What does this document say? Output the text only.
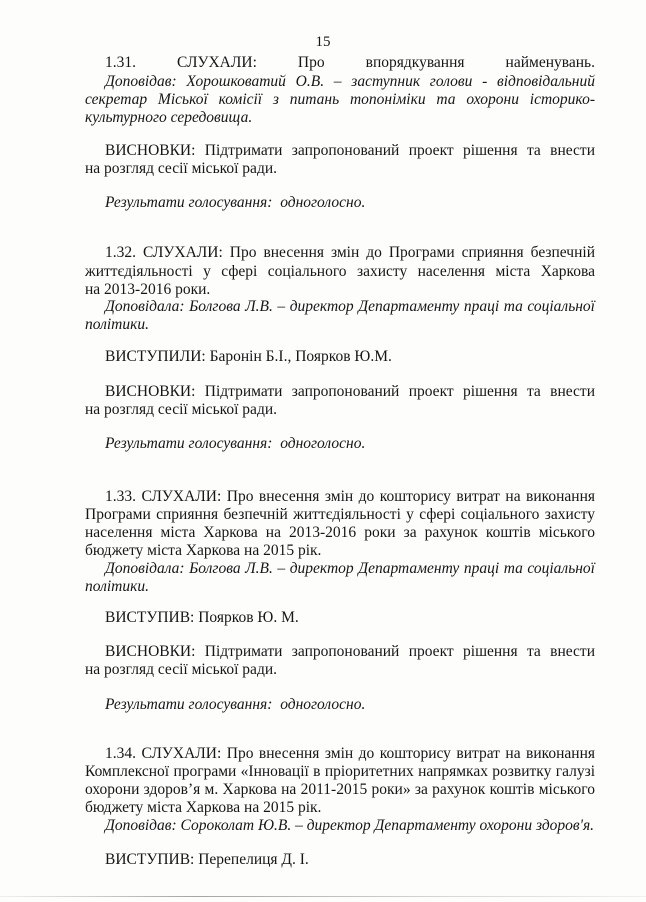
15
1.31.	СЛУХАЛИ:	Про впорядкування найменувань.
Доповідав: Хорошковатий О.В. – заступник голови - відповідальний
секретар Міської комісії з питань топоніміки та охорони історико-
культурного середовища.
ВИСНОВКИ: Підтримати запропонований проект рішення та внести
на розгляд сесії міської ради.
Результати голосування: одноголосно.
1.32. СЛУХАЛИ: Про внесення змін до Програми сприяння безпечній
життєдіяльності у сфері соціального захисту населення міста Харкова
на 2013-2016 роки.
Доповідала: Болгова Л.В. – директор Департаменту праці та соціальної
політики.
ВИСТУПИЛИ: Баронін Б.І., Поярков Ю.М.
ВИСНОВКИ: Підтримати запропонований проект рішення та внести
на розгляд сесії міської ради.
Результати голосування: одноголосно.
1.33. СЛУХАЛИ: Про внесення змін до кошторису витрат на виконання
Програми сприяння безпечній життєдіяльності у сфері соціального захисту
населення міста Харкова на 2013-2016 роки за рахунок коштів міського
бюджету міста Харкова на 2015 рік.
Доповідала: Болгова Л.В. – директор Департаменту праці та соціальної
політики.
ВИСТУПИВ: Поярков Ю. М.
ВИСНОВКИ: Підтримати запропонований проект рішення та внести
на розгляд сесії міської ради.
Результати голосування: одноголосно.
1.34. СЛУХАЛИ: Про внесення змін до кошторису витрат на виконання
Комплексної програми «Інновації в пріоритетних напрямках розвитку галузі
охорони здоров’я м. Харкова на 2011-2015 роки» за рахунок коштів міського
бюджету міста Харкова на 2015 рік.
Доповідав: Сороколат Ю.В. – директор Департаменту охорони здоров'я.
ВИСТУПИВ: Перепелиця Д. І.
